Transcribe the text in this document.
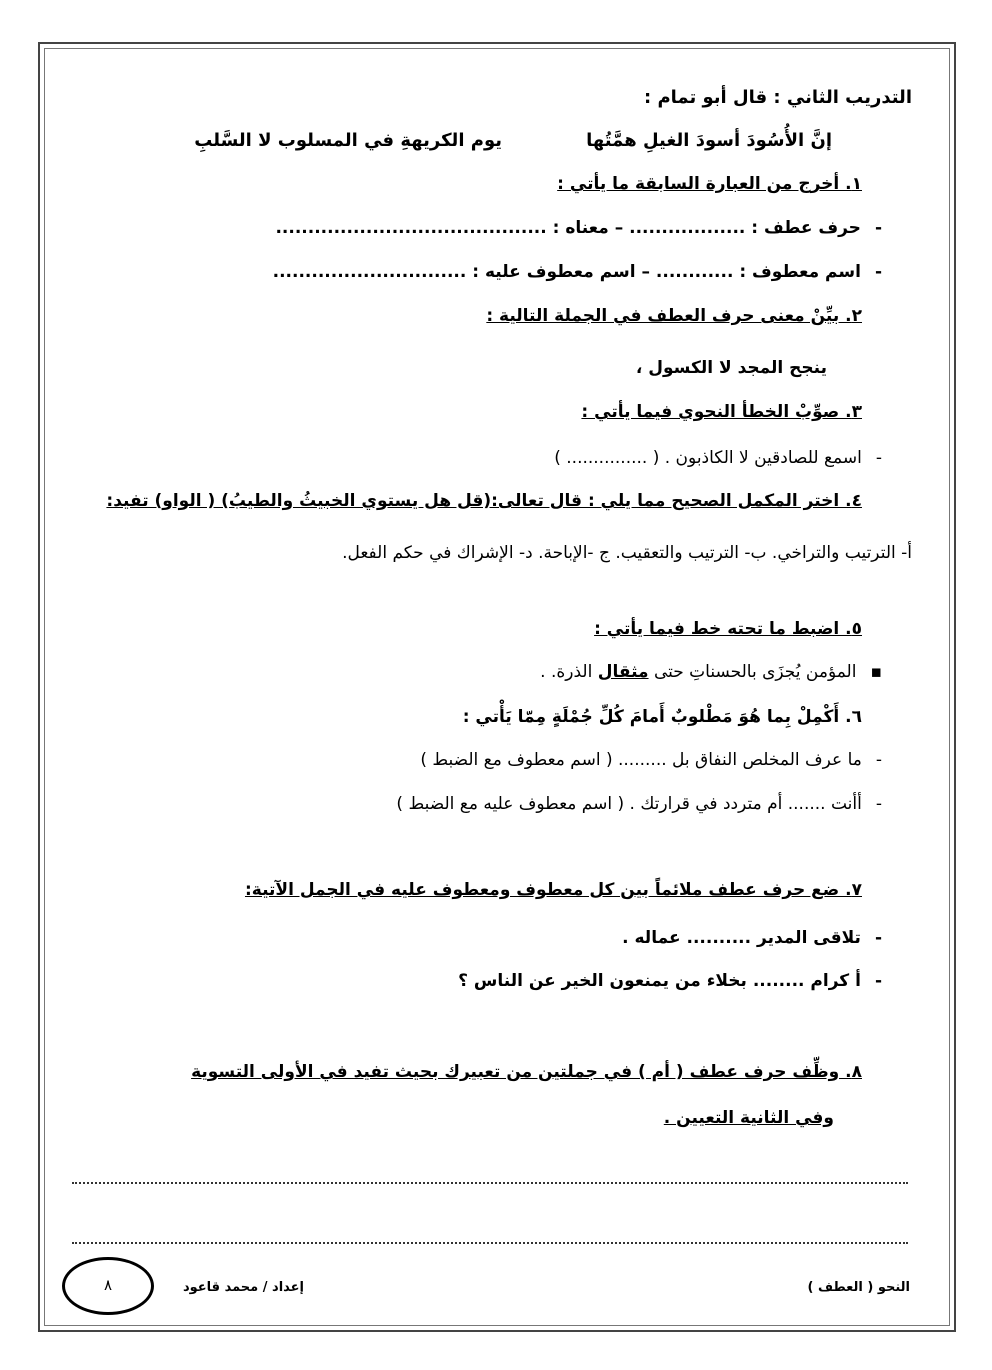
التدريب الثاني : قال أبو تمام :
إنَّ الأُسُودَ أسودَ الغيلِ همَّتُها
يوم الكريهةِ في المسلوب لا السَّلبِ
١. أخرج من العبارة السابقة ما يأتي :
-حرف عطف : .................. – معناه : ..........................................
-اسم معطوف : ............ – اسم معطوف عليه : ..............................
٢. بيِّنْ معنى حرف العطف في الجملة التالية :
ينجح المجد لا الكسول ،
٣. صوِّبْ الخطأ النحوي فيما يأتي :
-اسمع للصادقين لا الكاذبون . ( ............... )
٤. اختر المكمل الصحيح مما يلي : قال تعالى:(قل هل يستوي الخبيثُ والطيبُ) ( الواو) تفيد:
أ- الترتيب والتراخي. ب- الترتيب والتعقيب. ج -الإباحة. د- الإشراك في حكم الفعل.
٥. اضبط ما تحته خط فيما يأتي :
▪المؤمن يُجزَى بالحسناتِ حتى مثقال الذرة. .
٦. أَكْمِلْ بِما هُوَ مَطْلوبٌ أَمامَ كُلِّ جُمْلَةٍ مِمّا يَأْتي :
-ما عرف المخلص النفاق بل ......... ( اسم معطوف مع الضبط )
-أأنت ....... أم متردد في قرارتك . ( اسم معطوف عليه مع الضبط )
٧. ضع حرف عطف ملائماً بين كل معطوف ومعطوف عليه في الجمل الآتية:
-تلاقى المدير .......... عماله .
-أ كرام ........ بخلاء من يمنعون الخير عن الناس ؟
٨. وظِّف حرف عطف ( أم ) في جملتين من تعبيرك بحيث تفيد في الأولى التسوية
وفي الثانية التعيين .
النحو ( العطف )
إعداد / محمد قاعود
٨
